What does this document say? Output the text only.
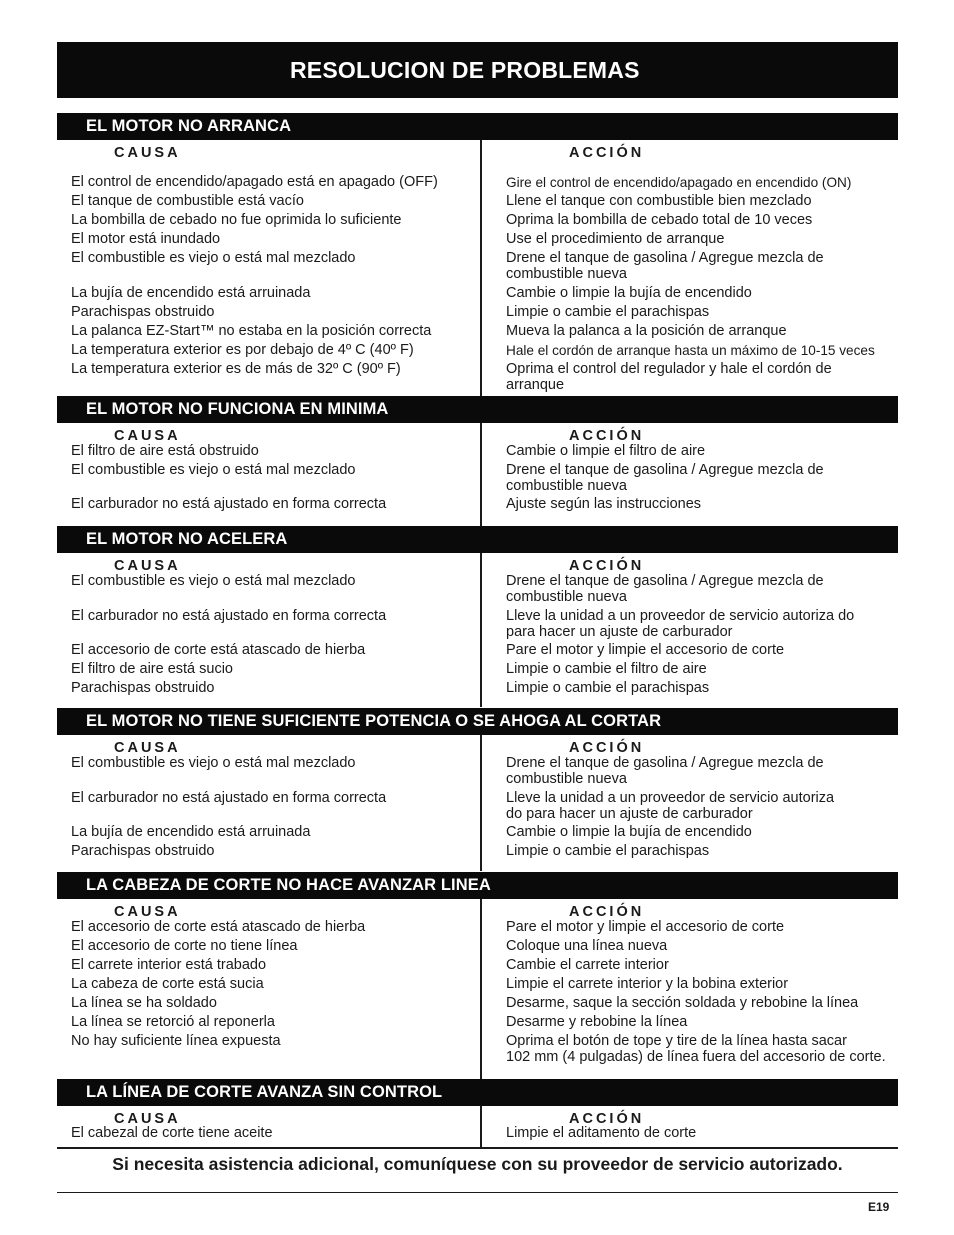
RESOLUCION DE PROBLEMAS
EL MOTOR NO ARRANCA
CAUSA
El control de encendido/apagado está en apagado (OFF)
El tanque de combustible está vacío
La bombilla de cebado no fue oprimida lo suficiente
El motor está inundado
El combustible es viejo o está mal mezclado
La bujía de encendido está arruinada
Parachispas obstruido
La palanca EZ-Start™ no estaba en la posición correcta
La temperatura exterior es por debajo de 4º C (40º F)
La temperatura exterior es de más de 32º C (90º F)
ACCIÓN
Gire el control de encendido/apagado en encendido (ON)
Llene el tanque con combustible bien mezclado
Oprima la bombilla de cebado total de 10 veces
Use el procedimiento de arranque
Drene el tanque de gasolina / Agregue mezcla de
combustible nueva
Cambie o limpie la bujía de encendido
Limpie o cambie el parachispas
Mueva la palanca a la posición de arranque
Hale el cordón de arranque hasta un máximo de 10-15 veces
Oprima el control del regulador y hale el cordón de
arranque
EL MOTOR NO FUNCIONA EN MINIMA
CAUSA
El filtro de aire está obstruido
El combustible es viejo o está mal mezclado
El carburador no está ajustado en forma correcta
ACCIÓN
Cambie o limpie el filtro de aire
Drene el tanque de gasolina / Agregue mezcla de
combustible nueva
Ajuste según las instrucciones
EL MOTOR NO ACELERA
CAUSA
El combustible es viejo o está mal mezclado
El carburador no está ajustado en forma correcta
El accesorio de corte está atascado de hierba
El filtro de aire está sucio
Parachispas obstruido
ACCIÓN
Drene el tanque de gasolina / Agregue mezcla de
combustible nueva
Lleve la unidad a un proveedor de servicio autoriza do
para hacer un ajuste de carburador
Pare el motor y limpie el accesorio de corte
Limpie o cambie el filtro de aire
Limpie o cambie el parachispas
EL MOTOR NO TIENE SUFICIENTE POTENCIA O SE AHOGA AL CORTAR
CAUSA
El combustible es viejo o está mal mezclado
El carburador no está ajustado en forma correcta
La bujía de encendido está arruinada
Parachispas obstruido
ACCIÓN
Drene el tanque de gasolina / Agregue mezcla de
combustible nueva
Lleve la unidad a un proveedor de servicio autoriza
do para hacer un ajuste de carburador
Cambie o limpie la bujía de encendido
Limpie o cambie el parachispas
LA CABEZA DE CORTE NO HACE AVANZAR LINEA
CAUSA
El accesorio de corte está atascado de hierba
El accesorio de corte no tiene línea
El carrete interior está trabado
La cabeza de corte está sucia
La línea se ha soldado
La línea se retorció al reponerla
No hay suficiente línea expuesta
ACCIÓN
Pare el motor y limpie el accesorio de corte
Coloque una línea nueva
Cambie el carrete interior
Limpie el carrete interior y la bobina exterior
Desarme, saque la sección soldada y rebobine la línea
Desarme y rebobine la línea
Oprima el botón de tope y tire de la línea hasta sacar
102 mm (4 pulgadas) de línea fuera del accesorio de corte.
LA LÍNEA DE CORTE AVANZA SIN CONTROL
CAUSA
El cabezal de corte tiene aceite
ACCIÓN
Limpie el aditamento de corte
Si necesita asistencia adicional, comuníquese con su proveedor de servicio autorizado.
E19
